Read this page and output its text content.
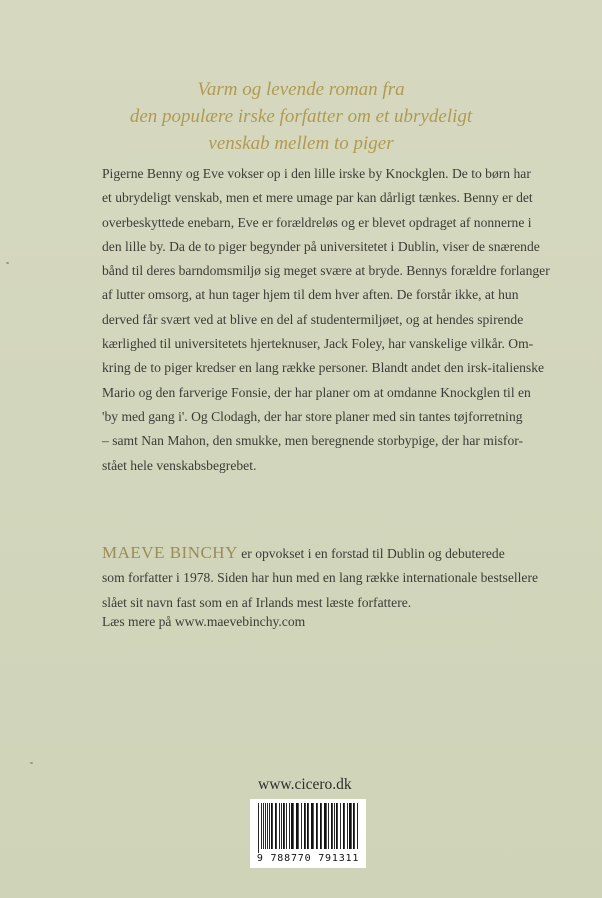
Varm og levende roman fra
den populære irske forfatter om et ubrydeligt
venskab mellem to piger
Pigerne Benny og Eve vokser op i den lille irske by Knockglen. De to børn har
et ubrydeligt venskab, men et mere umage par kan dårligt tænkes. Benny er det
overbeskyttede enebarn, Eve er forældreløs og er blevet opdraget af nonnerne i
den lille by. Da de to piger begynder på universitetet i Dublin, viser de snærende
bånd til deres barndomsmiljø sig meget svære at bryde. Bennys forældre forlanger
af lutter omsorg, at hun tager hjem til dem hver aften. De forstår ikke, at hun
derved får svært ved at blive en del af studentermiljøet, og at hendes spirende
kærlighed til universitetets hjerteknuser, Jack Foley, har vanskelige vilkår. Om-
kring de to piger kredser en lang række personer. Blandt andet den irsk-italienske
Mario og den farverige Fonsie, der har planer om at omdanne Knockglen til en
'by med gang i'. Og Clodagh, der har store planer med sin tantes tøjforretning
– samt Nan Mahon, den smukke, men beregnende storbypige, der har misfor-
stået hele venskabsbegrebet.
MAEVE BINCHY er opvokset i en forstad til Dublin og debuterede
som forfatter i 1978. Siden har hun med en lang række internationale bestsellere
slået sit navn fast som en af Irlands mest læste forfattere.
Læs mere på www.maevebinchy.com
www.cicero.dk
9 788770 791311
